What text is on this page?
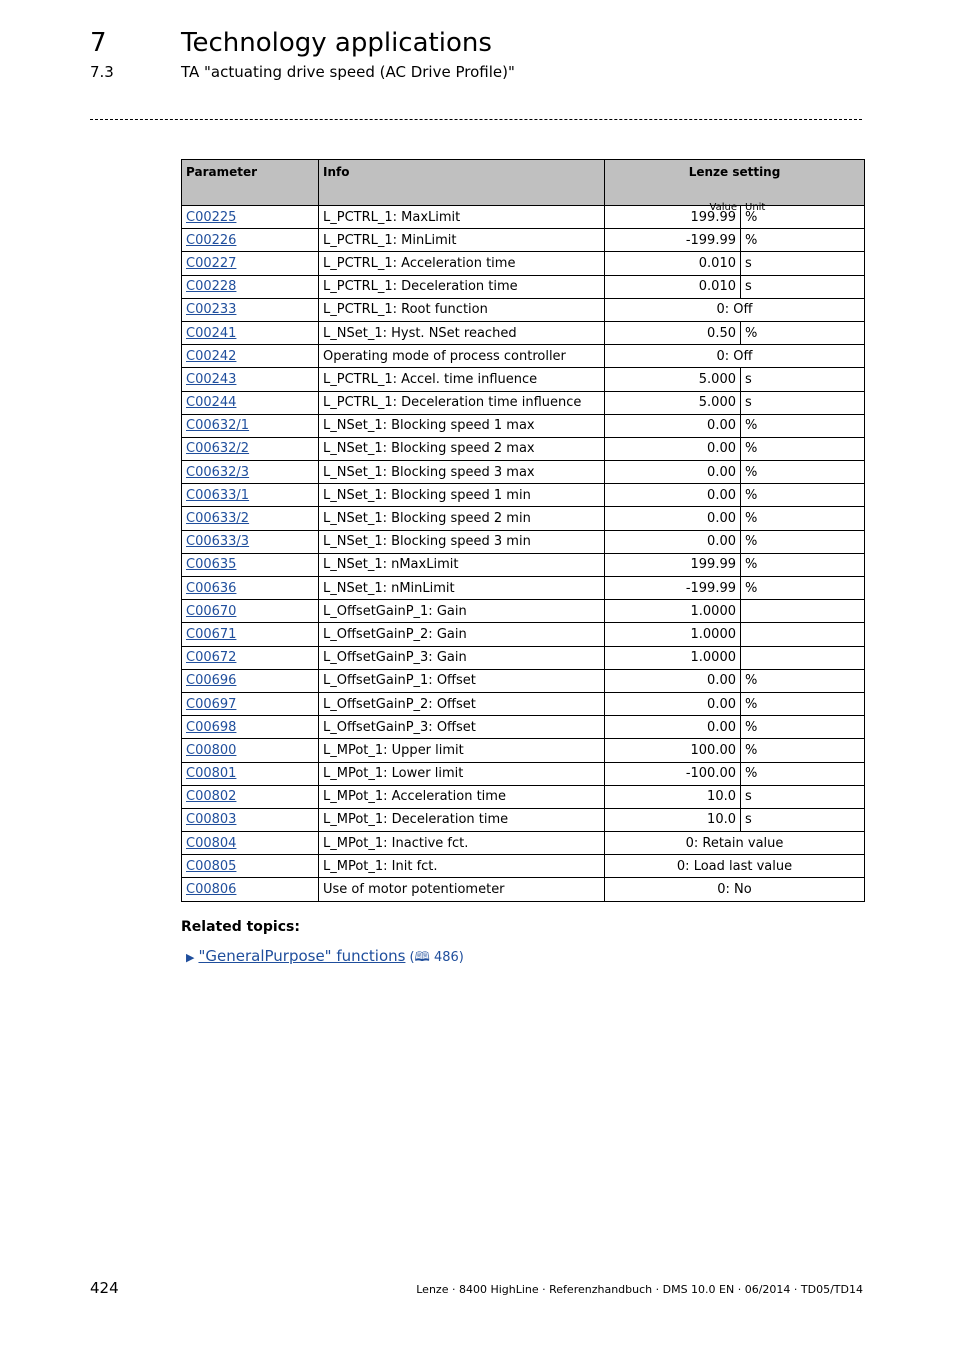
7	Technology applications
7.3	TA "actuating drive speed (AC Drive Profile)"
Parameter	Info	Lenze setting
Value Unit	

C00225	L_PCTRL_1: MaxLimit	199.99	%
C00226	L_PCTRL_1: MinLimit	-199.99	%
C00227	L_PCTRL_1: Acceleration time	0.010	s
C00228	L_PCTRL_1: Deceleration time	0.010	s
C00233	L_PCTRL_1: Root function	0: Off	
C00241	L_NSet_1: Hyst. NSet reached	0.50	%
C00242	Operating mode of process controller	0: Off	
C00243	L_PCTRL_1: Accel. time influence	5.000	s
C00244	L_PCTRL_1: Deceleration time influence	5.000	s
C00632/1	L_NSet_1: Blocking speed 1 max	0.00	%
C00632/2	L_NSet_1: Blocking speed 2 max	0.00	%
C00632/3	L_NSet_1: Blocking speed 3 max	0.00	%
C00633/1	L_NSet_1: Blocking speed 1 min	0.00	%
C00633/2	L_NSet_1: Blocking speed 2 min	0.00	%
C00633/3	L_NSet_1: Blocking speed 3 min	0.00	%
C00635	L_NSet_1: nMaxLimit	199.99	%
C00636	L_NSet_1: nMinLimit	-199.99	%
C00670	L_OffsetGainP_1: Gain	1.0000	
C00671	L_OffsetGainP_2: Gain	1.0000	
C00672	L_OffsetGainP_3: Gain	1.0000	
C00696	L_OffsetGainP_1: Offset	0.00	%
C00697	L_OffsetGainP_2: Offset	0.00	%
C00698	L_OffsetGainP_3: Offset	0.00	%
C00800	L_MPot_1: Upper limit	100.00	%
C00801	L_MPot_1: Lower limit	-100.00	%
C00802	L_MPot_1: Acceleration time	10.0	s
C00803	L_MPot_1: Deceleration time	10.0	s
C00804	L_MPot_1: Inactive fct.	0: Retain value	
C00805	L_MPot_1: Init fct.	0: Load last value	
C00806	Use of motor potentiometer	0: No	
Related topics:
▶ "GeneralPurpose" functions (🕮 486)
424	Lenze · 8400 HighLine · Referenzhandbuch · DMS 10.0 EN · 06/2014 · TD05/TD14
